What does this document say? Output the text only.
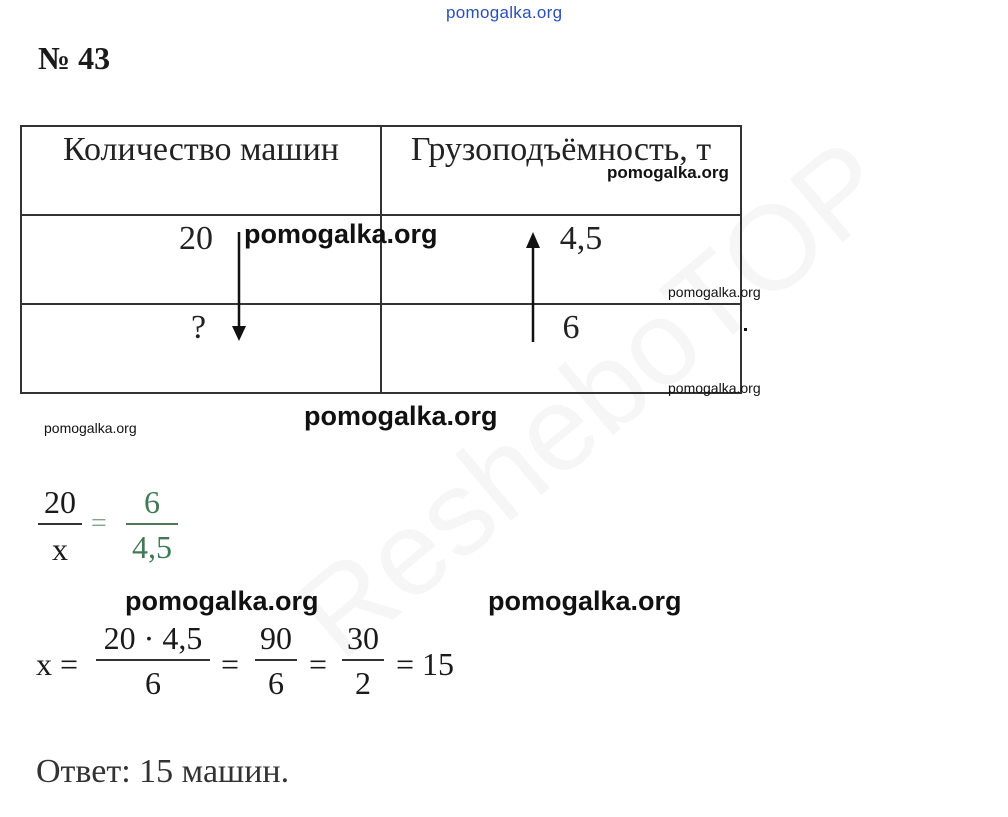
pomogalka.org
№ 43
Количество машин	Грузоподъёмность, т

20	4,5

?	6
pomogalka.org
pomogalka.org
pomogalka.org
pomogalka.org
pomogalka.org
pomogalka.org
pomogalka.org	pomogalka.org
20
x
=
6
4,5
x =
20 · 4,5
6
=
90
6
=
30
2
= 15
Ответ: 15 машин.
